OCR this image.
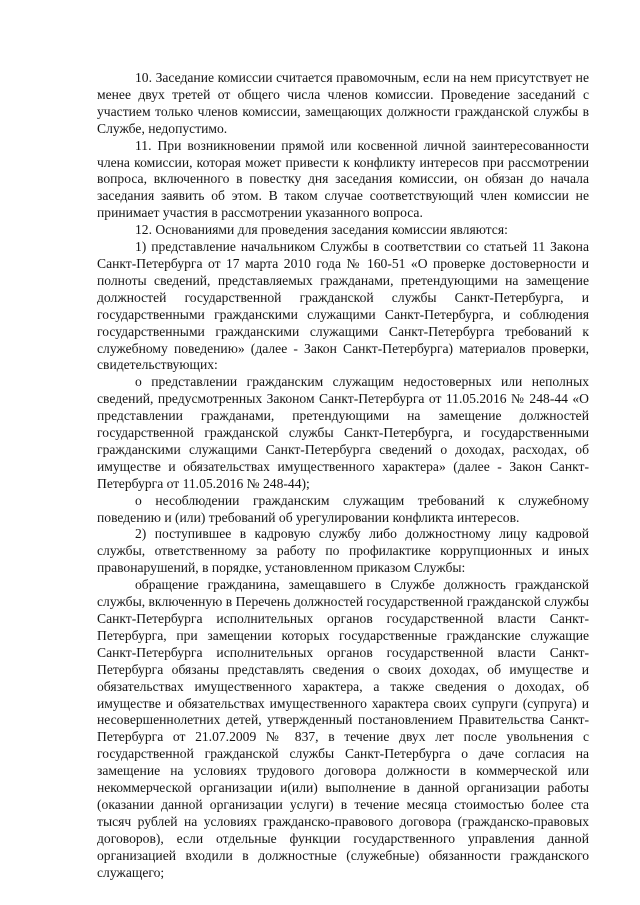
10. Заседание комиссии считается правомочным, если на нем присутствует не менее двух третей от общего числа членов комиссии. Проведение заседаний с участием только членов комиссии, замещающих должности гражданской службы в Службе, недопустимо.

11. При возникновении прямой или косвенной личной заинтересованности члена комиссии, которая может привести к конфликту интересов при рассмотрении вопроса, включенного в повестку дня заседания комиссии, он обязан до начала заседания заявить об этом. В таком случае соответствующий член комиссии не принимает участия в рассмотрении указанного вопроса.

12. Основаниями для проведения заседания комиссии являются:

1) представление начальником Службы в соответствии со статьей 11 Закона Санкт-Петербурга от 17 марта 2010 года № 160-51 «О проверке достоверности и полноты сведений, представляемых гражданами, претендующими на замещение должностей государственной гражданской службы Санкт-Петербурга, и государственными гражданскими служащими Санкт-Петербурга, и соблюдения государственными гражданскими служащими Санкт-Петербурга требований к служебному поведению» (далее - Закон Санкт-Петербурга) материалов проверки, свидетельствующих:

о представлении гражданским служащим недостоверных или неполных сведений, предусмотренных Законом Санкт-Петербурга от 11.05.2016 № 248-44 «О представлении гражданами, претендующими на замещение должностей государственной гражданской службы Санкт-Петербурга, и государственными гражданскими служащими Санкт-Петербурга сведений о доходах, расходах, об имуществе и обязательствах имущественного характера» (далее - Закон Санкт-Петербурга от 11.05.2016 № 248-44);

о несоблюдении гражданским служащим требований к служебному поведению и (или) требований об урегулировании конфликта интересов.

2) поступившее в кадровую службу либо должностному лицу кадровой службы, ответственному за работу по профилактике коррупционных и иных правонарушений, в порядке, установленном приказом Службы:

обращение гражданина, замещавшего в Службе должность гражданской службы, включенную в Перечень должностей государственной гражданской службы Санкт-Петербурга исполнительных органов государственной власти Санкт-Петербурга, при замещении которых государственные гражданские служащие Санкт-Петербурга исполнительных органов государственной власти Санкт-Петербурга обязаны представлять сведения о своих доходах, об имуществе и обязательствах имущественного характера, а также сведения о доходах, об имуществе и обязательствах имущественного характера своих супруги (супруга) и несовершеннолетних детей, утвержденный постановлением Правительства Санкт-Петербурга от 21.07.2009 № 837, в течение двух лет после увольнения с государственной гражданской службы Санкт-Петербурга о даче согласия на замещение на условиях трудового договора должности в коммерческой или некоммерческой организации и(или) выполнение в данной организации работы (оказании данной организации услуги) в течение месяца стоимостью более ста тысяч рублей на условиях гражданско-правового договора (гражданско-правовых договоров), если отдельные функции государственного управления данной организацией входили в должностные (служебные) обязанности гражданского служащего;
